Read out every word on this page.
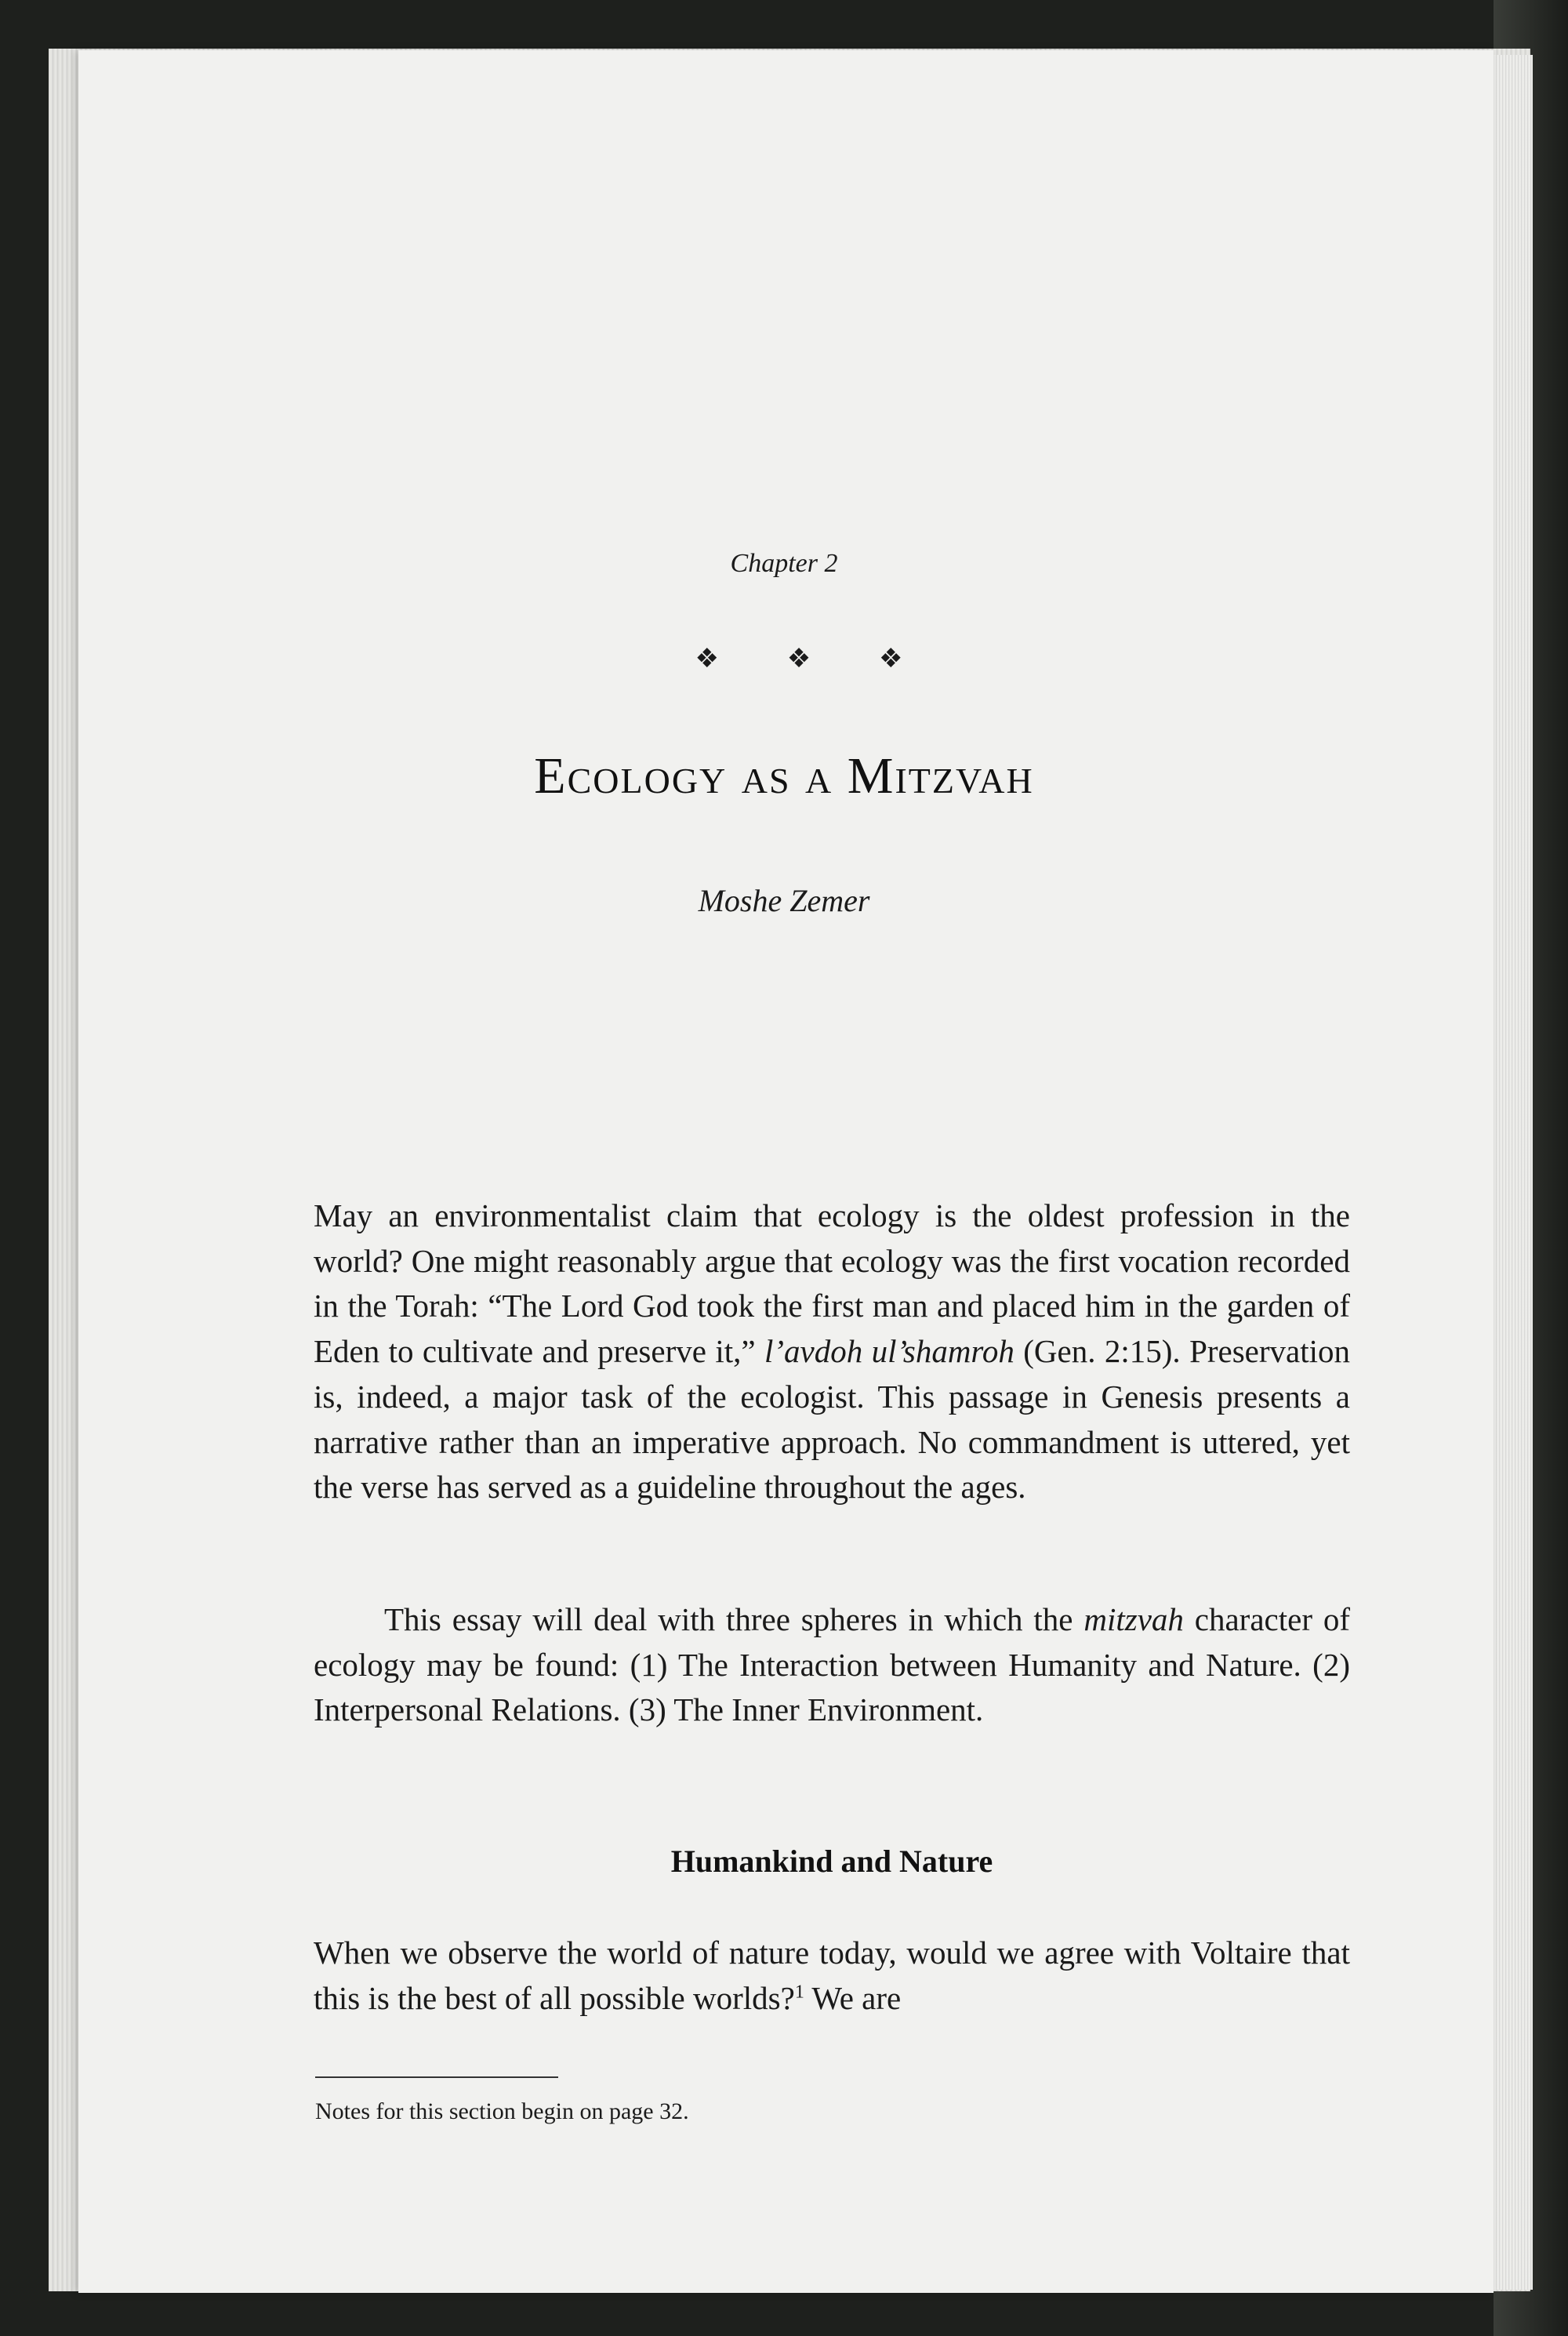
Chapter 2
❖ ❖ ❖
Ecology as a Mitzvah
Moshe Zemer

May an environmentalist claim that ecology is the oldest profession in the world? One might reasonably argue that ecology was the first vocation recorded in the Torah: “The Lord God took the first man and placed him in the garden of Eden to cultivate and preserve it,” l’avdoh ul’shamroh (Gen. 2:15). Preservation is, indeed, a major task of the ecologist. This passage in Genesis presents a narrative rather than an imperative approach. No commandment is uttered, yet the verse has served as a guideline throughout the ages.

This essay will deal with three spheres in which the mitzvah character of ecology may be found: (1) The Interaction between Humanity and Nature. (2) Interpersonal Relations. (3) The Inner Environment.

Humankind and Nature

When we observe the world of nature today, would we agree with Voltaire that this is the best of all possible worlds?$^1$ We are

Notes for this section begin on page 32.
